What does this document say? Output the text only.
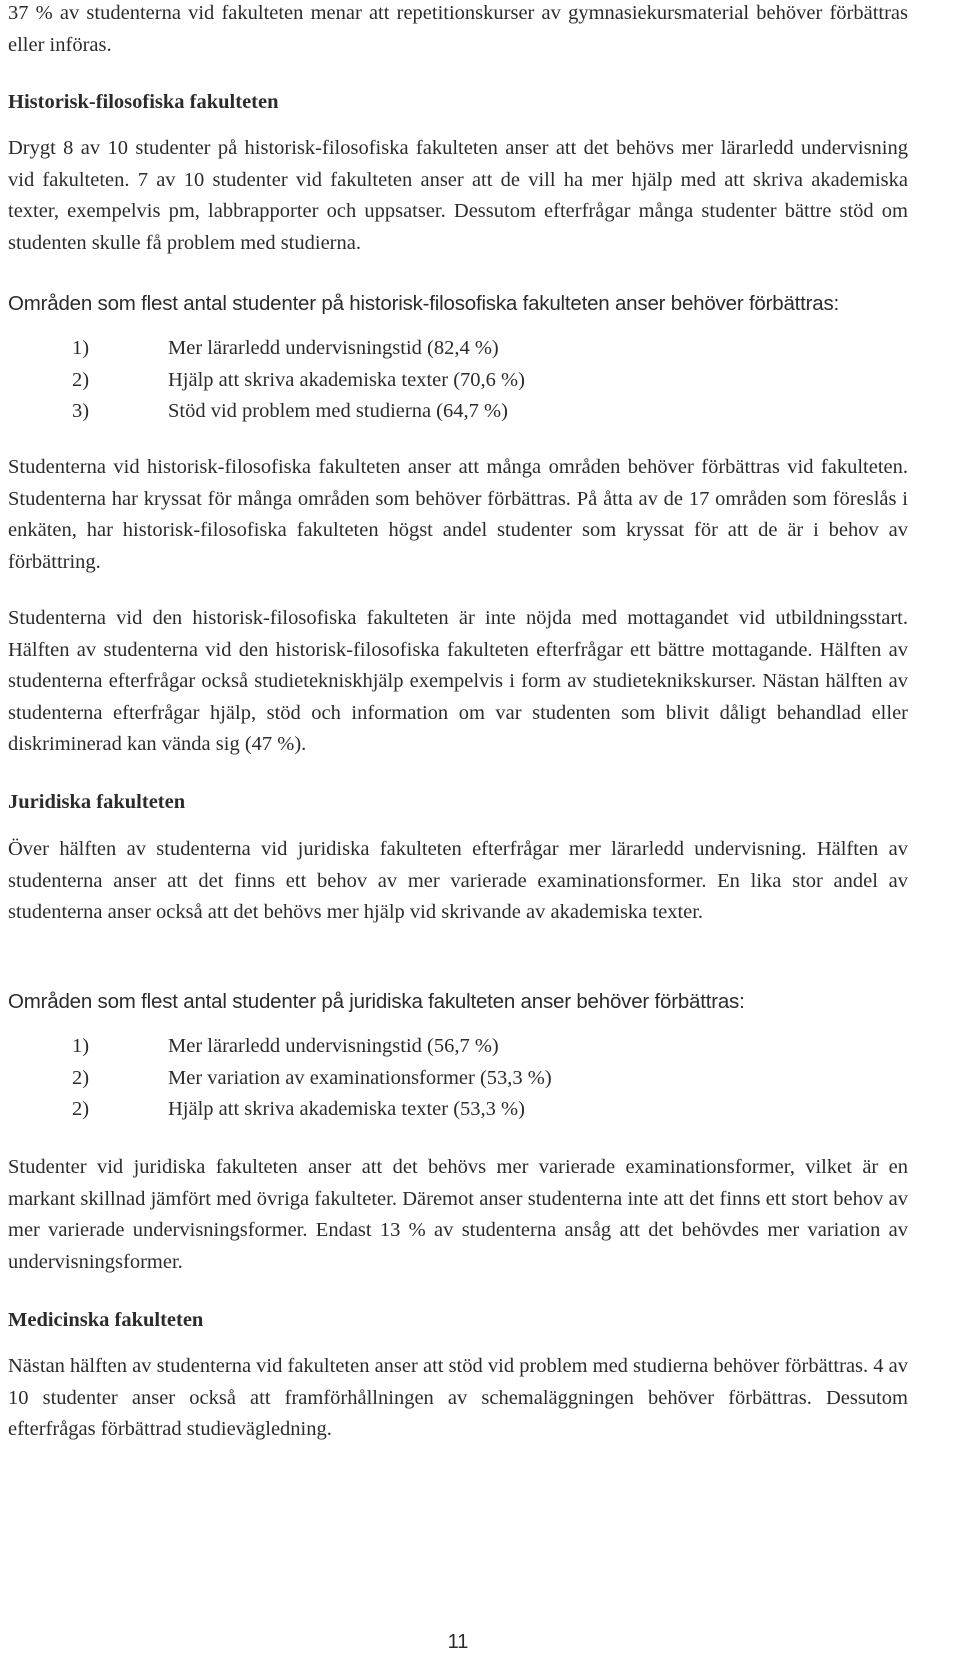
37 % av studenterna vid fakulteten menar att repetitionskurser av gymnasiekursmaterial behöver förbättras eller införas.

Historisk-filosofiska fakulteten

Drygt 8 av 10 studenter på historisk-filosofiska fakulteten anser att det behövs mer lärarledd undervisning vid fakulteten. 7 av 10 studenter vid fakulteten anser att de vill ha mer hjälp med att skriva akademiska texter, exempelvis pm, labbrapporter och uppsatser. Dessutom efterfrågar många studenter bättre stöd om studenten skulle få problem med studierna.

Områden som flest antal studenter på historisk-filosofiska fakulteten anser behöver förbättras:

1)	Mer lärarledd undervisningstid (82,4 %)
2)	Hjälp att skriva akademiska texter (70,6 %)
3)	Stöd vid problem med studierna (64,7 %)

Studenterna vid historisk-filosofiska fakulteten anser att många områden behöver förbättras vid fakulteten. Studenterna har kryssat för många områden som behöver förbättras. På åtta av de 17 områden som föreslås i enkäten, har historisk-filosofiska fakulteten högst andel studenter som kryssat för att de är i behov av förbättring.

Studenterna vid den historisk-filosofiska fakulteten är inte nöjda med mottagandet vid utbildningsstart. Hälften av studenterna vid den historisk-filosofiska fakulteten efterfrågar ett bättre mottagande. Hälften av studenterna efterfrågar också studietekniskhjälp exempelvis i form av studieteknikskurser. Nästan hälften av studenterna efterfrågar hjälp, stöd och information om var studenten som blivit dåligt behandlad eller diskriminerad kan vända sig (47 %).

Juridiska fakulteten

Över hälften av studenterna vid juridiska fakulteten efterfrågar mer lärarledd undervisning. Hälften av studenterna anser att det finns ett behov av mer varierade examinationsformer. En lika stor andel av studenterna anser också att det behövs mer hjälp vid skrivande av akademiska texter.

Områden som flest antal studenter på juridiska fakulteten anser behöver förbättras:

1)	Mer lärarledd undervisningstid (56,7 %)
2)	Mer variation av examinationsformer (53,3 %)
2)	Hjälp att skriva akademiska texter (53,3 %)

Studenter vid juridiska fakulteten anser att det behövs mer varierade examinationsformer, vilket är en markant skillnad jämfört med övriga fakulteter. Däremot anser studenterna inte att det finns ett stort behov av mer varierade undervisningsformer. Endast 13 % av studenterna ansåg att det behövdes mer variation av undervisningsformer.

Medicinska fakulteten

Nästan hälften av studenterna vid fakulteten anser att stöd vid problem med studierna behöver förbättras. 4 av 10 studenter anser också att framförhållningen av schemaläggningen behöver förbättras. Dessutom efterfrågas förbättrad studievägledning.

11
